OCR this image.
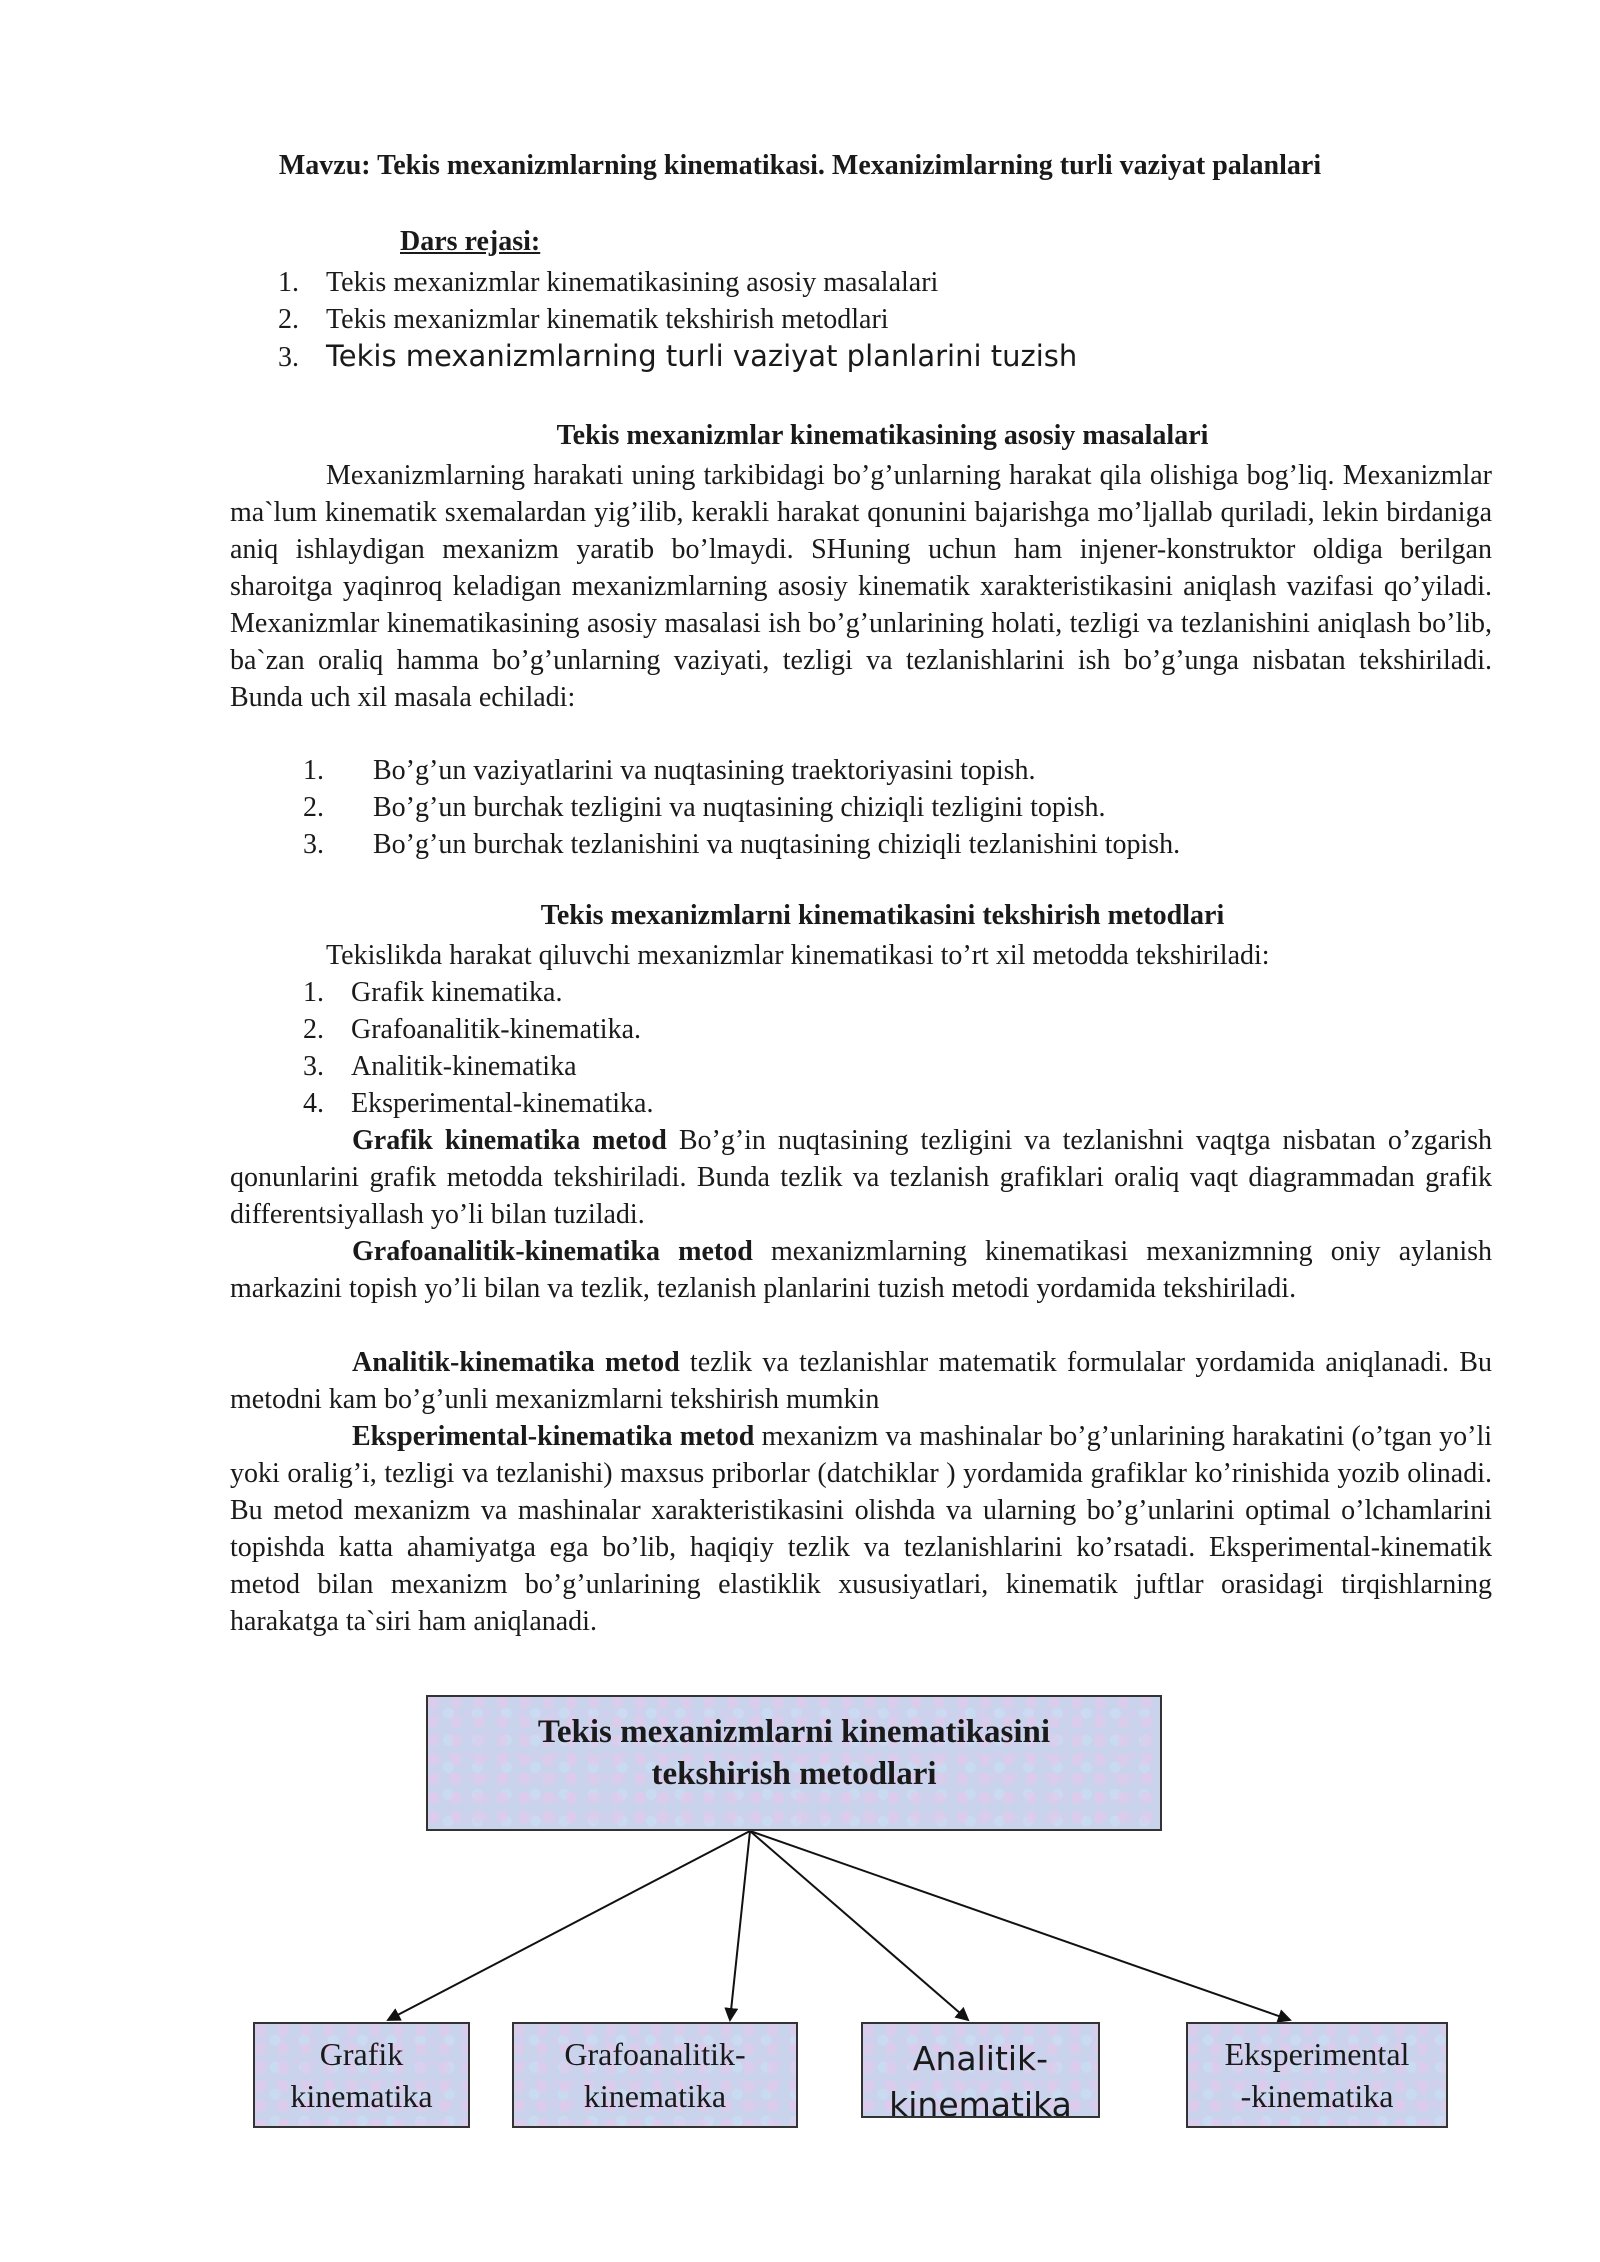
Mavzu: Tekis mexanizmlarning kinematikasi. Mexanizimlarning turli vaziyat palanlari
Dars rejasi:
1. Tekis mexanizmlar kinematikasining asosiy masalalari
2. Tekis mexanizmlar kinematik tekshirish metodlari
3. Tekis mexanizmlarning turli vaziyat planlarini tuzish
Tekis mexanizmlar kinematikasining asosiy masalalari

Mexanizmlarning harakati uning tarkibidagi bo’g’unlarning harakat qila olishiga bog’liq. Mexanizmlar ma`lum kinematik sxemalardan yig’ilib, kerakli harakat qonunini bajarishga mo’ljallab quriladi, lekin birdaniga aniq ishlaydigan mexanizm yaratib bo’lmaydi. SHuning uchun ham injener-konstruktor oldiga berilgan sharoitga yaqinroq keladigan mexanizmlarning asosiy kinematik xarakteristikasini aniqlash vazifasi qo’yiladi. Mexanizmlar kinematikasining asosiy masalasi ish bo’g’unlarining holati, tezligi va tezlanishini aniqlash bo’lib, ba`zan oraliq hamma bo’g’unlarning vaziyati, tezligi va tezlanishlarini ish bo’g’unga nisbatan tekshiriladi. Bunda uch xil masala echiladi:

1. Bo’g’un vaziyatlarini va nuqtasining traektoriyasini topish.
2. Bo’g’un burchak tezligini va nuqtasining chiziqli tezligini topish.
3. Bo’g’un burchak tezlanishini va nuqtasining chiziqli tezlanishini topish.
Tekis mexanizmlarni kinematikasini tekshirish metodlari
Tekislikda harakat qiluvchi mexanizmlar kinematikasi to’rt xil metodda tekshiriladi:
1. Grafik kinematika.
2. Grafoanalitik-kinematika.
3. Analitik-kinematika
4. Eksperimental-kinematika.

Grafik kinematika metod Bo’g’in nuqtasining tezligini va tezlanishni vaqtga nisbatan o’zgarish qonunlarini grafik metodda tekshiriladi. Bunda tezlik va tezlanish grafiklari oraliq vaqt diagrammadan grafik differentsiyallash yo’li bilan tuziladi.

Grafoanalitik-kinematika metod mexanizmlarning kinematikasi mexanizmning oniy aylanish markazini topish yo’li bilan va tezlik, tezlanish planlarini tuzish metodi yordamida tekshiriladi.

Analitik-kinematika metod tezlik va tezlanishlar matematik formulalar yordamida aniqlanadi. Bu metodni kam bo’g’unli mexanizmlarni tekshirish mumkin

Eksperimental-kinematika metod mexanizm va mashinalar bo’g’unlarining harakatini (o’tgan yo’li yoki oralig’i, tezligi va tezlanishi) maxsus priborlar (datchiklar ) yordamida grafiklar ko’rinishida yozib olinadi. Bu metod mexanizm va mashinalar xarakteristikasini olishda va ularning bo’g’unlarini optimal o’lchamlarini topishda katta ahamiyatga ega bo’lib, haqiqiy tezlik va tezlanishlarini ko’rsatadi. Eksperimental-kinematik metod bilan mexanizm bo’g’unlarining elastiklik xususiyatlari, kinematik juftlar orasidagi tirqishlarning harakatga ta`siri ham aniqlanadi.

Tekis mexanizmlarni kinematikasini
tekshirish metodlari
Grafik
kinematika
Grafoanalitik-
kinematika
Analitik-
kinematika
Eksperimental
-kinematika
